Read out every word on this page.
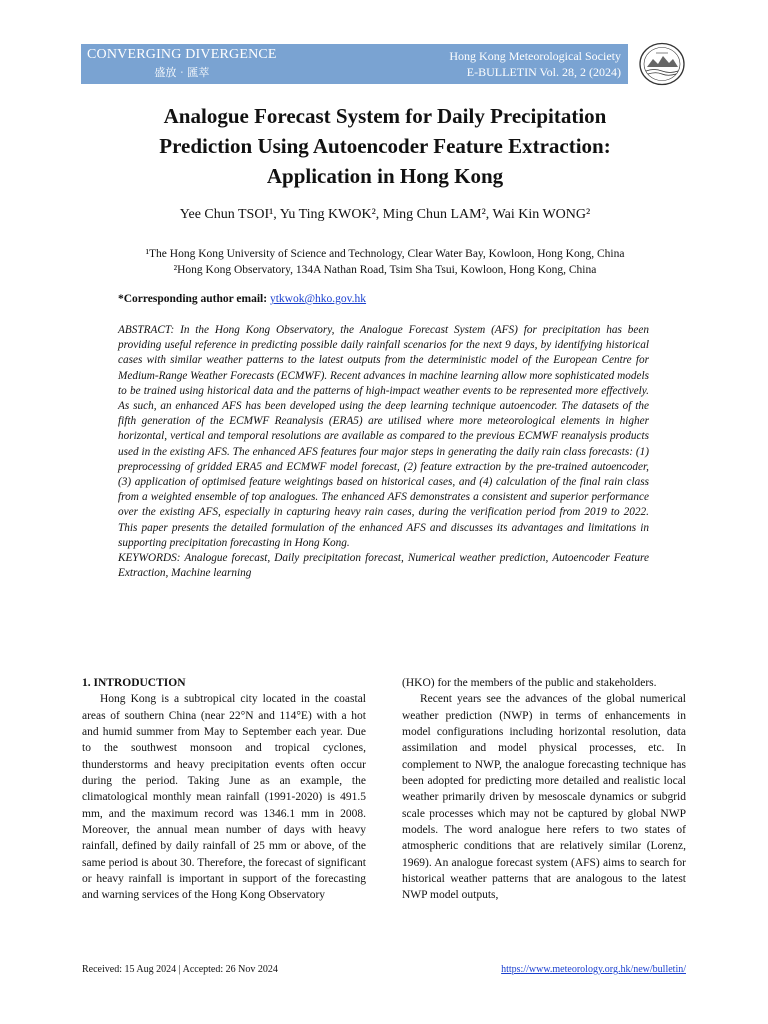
CONVERGING DIVERGENCE
盛放‧匯萃
Hong Kong Meteorological Society
E-BULLETIN Vol. 28, 2 (2024)
Analogue Forecast System for Daily Precipitation
Prediction Using Autoencoder Feature Extraction:
Application in Hong Kong
Yee Chun TSOI¹, Yu Ting KWOK², Ming Chun LAM², Wai Kin WONG²
¹The Hong Kong University of Science and Technology, Clear Water Bay, Kowloon, Hong Kong, China
²Hong Kong Observatory, 134A Nathan Road, Tsim Sha Tsui, Kowloon, Hong Kong, China
*Corresponding author email: ytkwok@hko.gov.hk

ABSTRACT: In the Hong Kong Observatory, the Analogue Forecast System (AFS) for precipitation has been providing useful reference in predicting possible daily rainfall scenarios for the next 9 days, by identifying historical cases with similar weather patterns to the latest outputs from the deterministic model of the European Centre for Medium-Range Weather Forecasts (ECMWF). Recent advances in machine learning allow more sophisticated models to be trained using historical data and the patterns of high-impact weather events to be represented more effectively. As such, an enhanced AFS has been developed using the deep learning technique autoencoder. The datasets of the fifth generation of the ECMWF Reanalysis (ERA5) are utilised where more meteorological elements in higher horizontal, vertical and temporal resolutions are available as compared to the previous ECMWF reanalysis products used in the existing AFS. The enhanced AFS features four major steps in generating the daily rain class forecasts: (1) preprocessing of gridded ERA5 and ECMWF model forecast, (2) feature extraction by the pre-trained autoencoder, (3) application of optimised feature weightings based on historical cases, and (4) calculation of the final rain class from a weighted ensemble of top analogues. The enhanced AFS demonstrates a consistent and superior performance over the existing AFS, especially in capturing heavy rain cases, during the verification period from 2019 to 2022. This paper presents the detailed formulation of the enhanced AFS and discusses its advantages and limitations in supporting precipitation forecasting in Hong Kong.

KEYWORDS: Analogue forecast, Daily precipitation forecast, Numerical weather prediction, Autoencoder Feature Extraction, Machine learning

1. INTRODUCTION

Hong Kong is a subtropical city located in the coastal areas of southern China (near 22°N and 114°E) with a hot and humid summer from May to September each year. Due to the southwest monsoon and tropical cyclones, thunderstorms and heavy precipitation events often occur during the period. Taking June as an example, the climatological monthly mean rainfall (1991-2020) is 491.5 mm, and the maximum record was 1346.1 mm in 2008. Moreover, the annual mean number of days with heavy rainfall, defined by daily rainfall of 25 mm or above, of the same period is about 30. Therefore, the forecast of significant or heavy rainfall is important in support of the forecasting and warning services of the Hong Kong Observatory

(HKO) for the members of the public and stakeholders.

Recent years see the advances of the global numerical weather prediction (NWP) in terms of enhancements in model configurations including horizontal resolution, data assimilation and model physical processes, etc. In complement to NWP, the analogue forecasting technique has been adopted for predicting more detailed and realistic local weather primarily driven by mesoscale dynamics or subgrid scale processes which may not be captured by global NWP models. The word analogue here refers to two states of atmospheric conditions that are relatively similar (Lorenz, 1969). An analogue forecast system (AFS) aims to search for historical weather patterns that are analogous to the latest NWP model outputs,

Received: 15 Aug 2024 | Accepted: 26 Nov 2024	https://www.meteorology.org.hk/new/bulletin/
